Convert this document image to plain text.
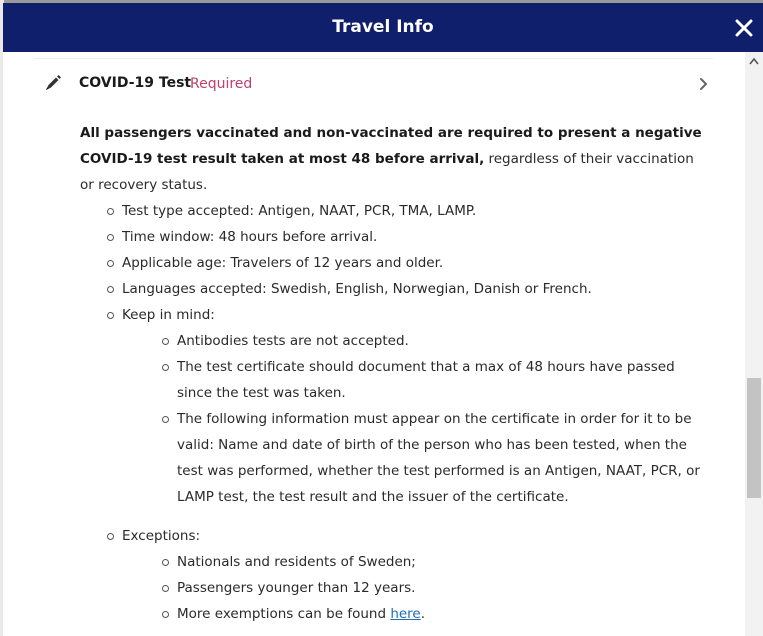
Travel Info
COVID-19 Test
Required

All passengers vaccinated and non-vaccinated are required to present a negative COVID-19 test result taken at most 48 before arrival, regardless of their vaccination or recovery status.

Test type accepted: Antigen, NAAT, PCR, TMA, LAMP.
Time window: 48 hours before arrival.
Applicable age: Travelers of 12 years and older.
Languages accepted: Swedish, English, Norwegian, Danish or French.
Keep in mind:
Antibodies tests are not accepted.
The test certificate should document that a max of 48 hours have passed since the test was taken.
The following information must appear on the certificate in order for it to be valid: Name and date of birth of the person who has been tested, when the test was performed, whether the test performed is an Antigen, NAAT, PCR, or LAMP test, the test result and the issuer of the certificate.
Exceptions:
Nationals and residents of Sweden;
Passengers younger than 12 years.
More exemptions can be found here.
